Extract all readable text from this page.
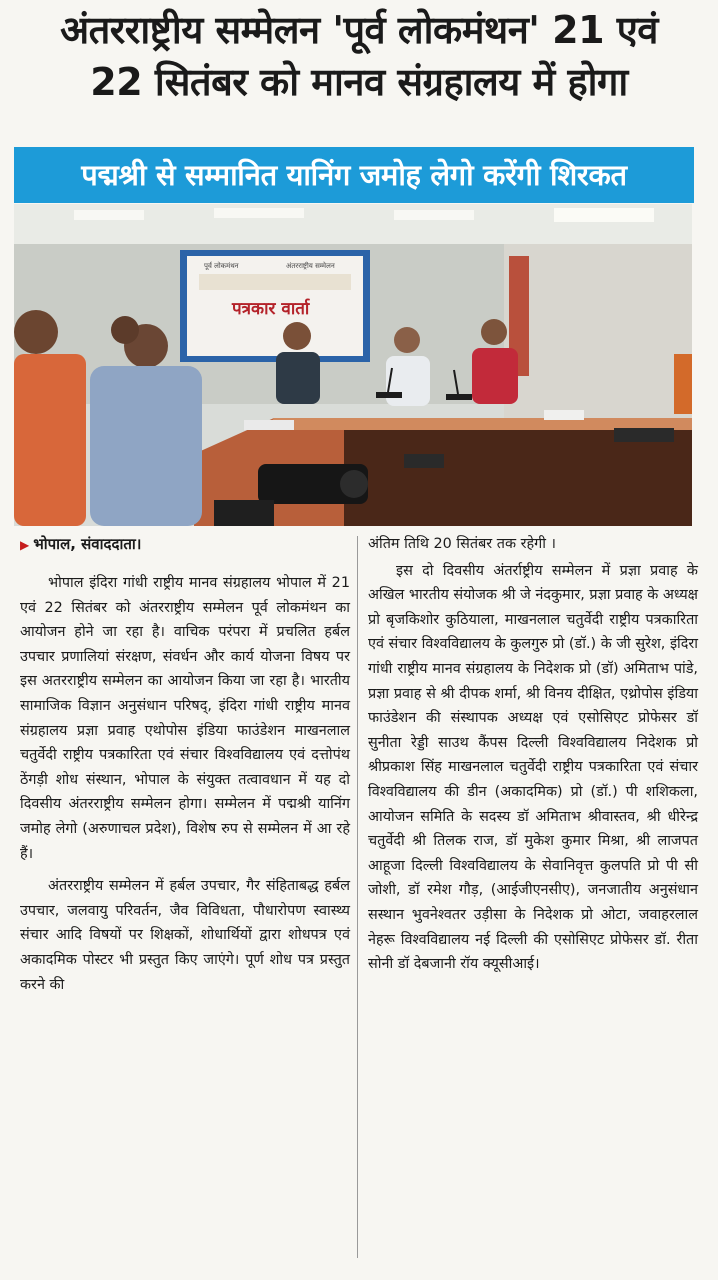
अंतरराष्ट्रीय सम्मेलन 'पूर्व लोकमंथन' 21 एवं
22 सितंबर को मानव संग्रहालय में होगा
पद्मश्री से सम्मानित यानिंग जमोह लेगो करेंगी शिरकत
पूर्व लोकमंथन	अंतरराष्ट्रीय सम्मेलन
पत्रकार वार्ता
▶ भोपाल, संवाददाता।

भोपाल इंदिरा गांधी राष्ट्रीय मानव संग्रहालय भोपाल में 21 एवं 22 सितंबर को अंतरराष्ट्रीय सम्मेलन पूर्व लोकमंथन का आयोजन होने जा रहा है। वाचिक परंपरा में प्रचलित हर्बल उपचार प्रणालियां संरक्षण, संवर्धन और कार्य योजना विषय पर इस अतरराष्ट्रीय सम्मेलन का आयोजन किया जा रहा है। भारतीय सामाजिक विज्ञान अनुसंधान परिषद्, इंदिरा गांधी राष्ट्रीय मानव संग्रहालय प्रज्ञा प्रवाह एथोपोस इंडिया फाउंडेशन माखनलाल चतुर्वेदी राष्ट्रीय पत्रकारिता एवं संचार विश्वविद्यालय एवं दत्तोपंथ ठेंगड़ी शोध संस्थान, भोपाल के संयुक्त तत्वावधान में यह दो दिवसीय अंतरराष्ट्रीय सम्मेलन होगा। सम्मेलन में पद्मश्री यानिंग जमोह लेगो (अरुणाचल प्रदेश), विशेष रुप से सम्मेलन में आ रहे हैं।

अंतरराष्ट्रीय सम्मेलन में हर्बल उपचार, गैर संहिताबद्ध हर्बल उपचार, जलवायु परिवर्तन, जैव विविधता, पौधारोपण स्वास्थ्य संचार आदि विषयों पर शिक्षकों, शोधार्थियों द्वारा शोधपत्र एवं अकादमिक पोस्टर भी प्रस्तुत किए जाएंगे। पूर्ण शोध पत्र प्रस्तुत करने की

अंतिम तिथि 20 सितंबर तक रहेगी ।

इस दो दिवसीय अंतर्राष्ट्रीय सम्मेलन में प्रज्ञा प्रवाह के अखिल भारतीय संयोजक श्री जे नंदकुमार, प्रज्ञा प्रवाह के अध्यक्ष प्रो बृजकिशोर कुठियाला, माखनलाल चतुर्वेदी राष्ट्रीय पत्रकारिता एवं संचार विश्वविद्यालय के कुलगुरु प्रो (डॉ.) के जी सुरेश, इंदिरा गांधी राष्ट्रीय मानव संग्रहालय के निदेशक प्रो (डॉ) अमिताभ पांडे, प्रज्ञा प्रवाह से श्री दीपक शर्मा, श्री विनय दीक्षित, एथ्रोपोस इंडिया फाउंडेशन की संस्थापक अध्यक्ष एवं एसोसिएट प्रोफेसर डॉ सुनीता रेड्डी साउथ कैंपस दिल्ली विश्वविद्यालय निदेशक प्रो श्रीप्रकाश सिंह माखनलाल चतुर्वेदी राष्ट्रीय पत्रकारिता एवं संचार विश्वविद्यालय की डीन (अकादमिक) प्रो (डॉ.) पी शशिकला, आयोजन समिति के सदस्य डॉ अमिताभ श्रीवास्तव, श्री धीरेन्द्र चतुर्वेदी श्री तिलक राज, डॉ मुकेश कुमार मिश्रा, श्री लाजपत आहूजा दिल्ली विश्वविद्यालय के सेवानिवृत्त कुलपति प्रो पी सी जोशी, डॉ रमेश गौड़, (आईजीएनसीए), जनजातीय अनुसंधान सस्थान भुवनेश्वतर उड़ीसा के निदेशक प्रो ओटा, जवाहरलाल नेहरू विश्वविद्यालय नई दिल्ली की एसोसिएट प्रोफेसर डॉ. रीता सोनी डॉ देबजानी रॉय क्यूसीआई।
